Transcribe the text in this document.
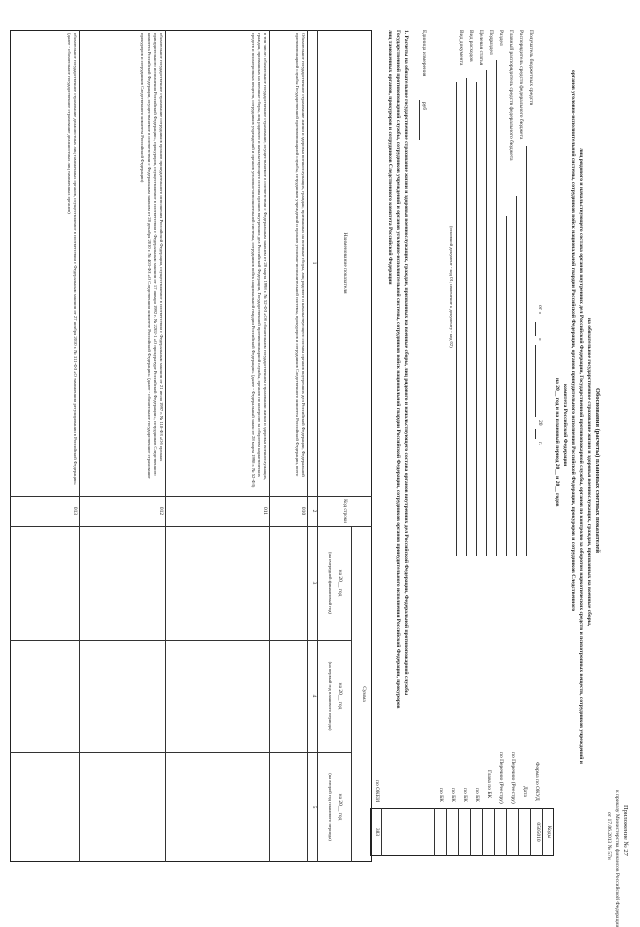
Приложение № 27
к приказу Министерства финансов Российской Федерации
от 17.06.2013 № 57н
Обоснования (расчеты) плановых сметных показателей
на обязательное государственное страхование жизни и здоровья военнослужащих, граждан, призванных на военные сборы,
лиц рядового и начальствующего состава органов внутренних дел Российской Федерации, Государственной противопожарной службы, органов по контролю за оборотом наркотических средств и психотропных веществ, сотрудников учреждений и
органов уголовно-исполнительной системы, сотрудников войск национальной гвардии Российской Федерации, органов принудительного исполнения Российской Федерации, прокуроров и сотрудников Следственного
комитета Российской Федерации
на 20__ год и на плановый период 20__ и 20__ годов
от «
»
20
г.
Коды
0505010
383
Форма по ОКУД
Дата
по Перечню (Реестру)
по Перечню (Реестру)
Глава по БК
по БК
по БК
по БК
по БК
по ОКЕИ
Получатель бюджетных средств
Распорядитель средств федерального бюджета
Главный распорядитель средств федерального бюджета
Раздел
Подраздел
Целевая статья
Вид расходов
Вид документа
(основной документ - код 01; изменение к документу - код 02)
Единица измерения
руб
1. Расчеты на обязательное государственное страхование жизни и здоровья военнослужащих, граждан, призванных на военные сборы, лиц рядового и начальствующего состава органов внутренних дел Российской Федерации, Федеральной противопожарной службы
Государственной противопожарной службы, сотрудников учреждений и органов уголовно-исполнительной системы, сотрудников войск национальной гвардии Российской Федерации, сотрудников органов принудительного исполнения Российской Федерации, прокуроров
лиц таможенных органов, прокуроров и сотрудников Следственного комитета Российской Федерации
Наименование показателя
Код строки
Сумма
на 20__ год
(на очередной финансовый год)
на 20__ год
(на первый год планового периода)
на 20__ год
(на второй год планового периода)
1
2
3
4
5
Обязательное государственное страхование жизни и здоровья военнослужащих, граждан, призванных на военные сборы, лиц рядового и начальствующего состава органов внутренних дел Российской Федерации, Федеральной противопожарной службы Государственной противопожарной службы, сотрудников учреждений и органов уголовно-исполнительной системы, прокуроров и сотрудников Следственного комитета Российской Федерации, всего
010
в том числе: обязательное государственное страхование, осуществляемое в соответствии с Федеральным законом от 28 марта 1998 г. № 52-ФЗ «Об обязательном государственном страховании жизни и здоровья военнослужащих, граждан, призванных на военные сборы, лиц рядового и начальствующего состава органов внутренних дел Российской Федерации, Государственной противопожарной службы, органов по контролю за оборотом наркотических средств и психотропных веществ, сотрудников учреждений и органов уголовно-исполнительной системы, сотрудников войск национальной гвардии Российской Федерации» (далее - Федеральный закон от 28 марта 1998 г. № 52-ФЗ)
011
обязательное государственное страхование сотрудников органов принудительного исполнения Российской Федерации, осуществляемое в соответствии с Федеральным законом от 21 июля 1997 г. № 118-ФЗ «Об органах принудительного исполнения Российской Федерации», прокуроров, осуществляемое в соответствии с Федеральным законом от 17 января 1992 г. № 2202-1 «О прокуратуре Российской Федерации», сотрудников Следственного комитета Российской Федерации, осуществляемое в соответствии с Федеральным законом от 28 декабря 2010 г. № 403-ФЗ «О Следственном комитете Российской Федерации» (далее - обязательное государственное страхование прокуроров и сотрудников Следственного комитета Российской Федерации)
012
обязательное государственное страхование должностных лиц таможенных органов, осуществляемое в соответствии с Федеральным законом от 27 ноября 2010 г. № 311-ФЗ «О таможенном регулировании в Российской Федерации» (далее - обязательное государственное страхование должностных лиц таможенных органов)
013
